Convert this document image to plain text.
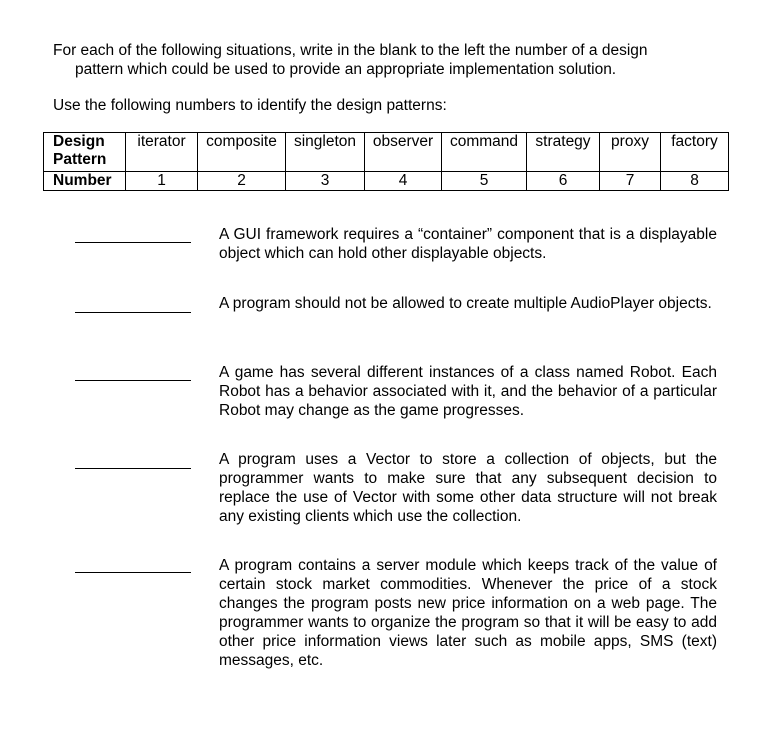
For each of the following situations, write in the blank to the left the number of a design
pattern which could be used to provide an appropriate implementation solution.

Use the following numbers to identify the design patterns:

Design
Pattern	iterator	composite	singleton	observer	command	strategy	proxy	factory
Number	1	2	3	4	5	6	7	8

A GUI framework requires a “container” component that is a displayable object which can hold other displayable objects.

A program should not be allowed to create multiple AudioPlayer objects.

A game has several different instances of a class named Robot. Each Robot has a behavior associated with it, and the behavior of a particular Robot may change as the game progresses.

A program uses a Vector to store a collection of objects, but the programmer wants to make sure that any subsequent decision to replace the use of Vector with some other data structure will not break any existing clients which use the collection.

A program contains a server module which keeps track of the value of certain stock market commodities. Whenever the price of a stock changes the program posts new price information on a web page. The programmer wants to organize the program so that it will be easy to add other price information views later such as mobile apps, SMS (text) messages, etc.
